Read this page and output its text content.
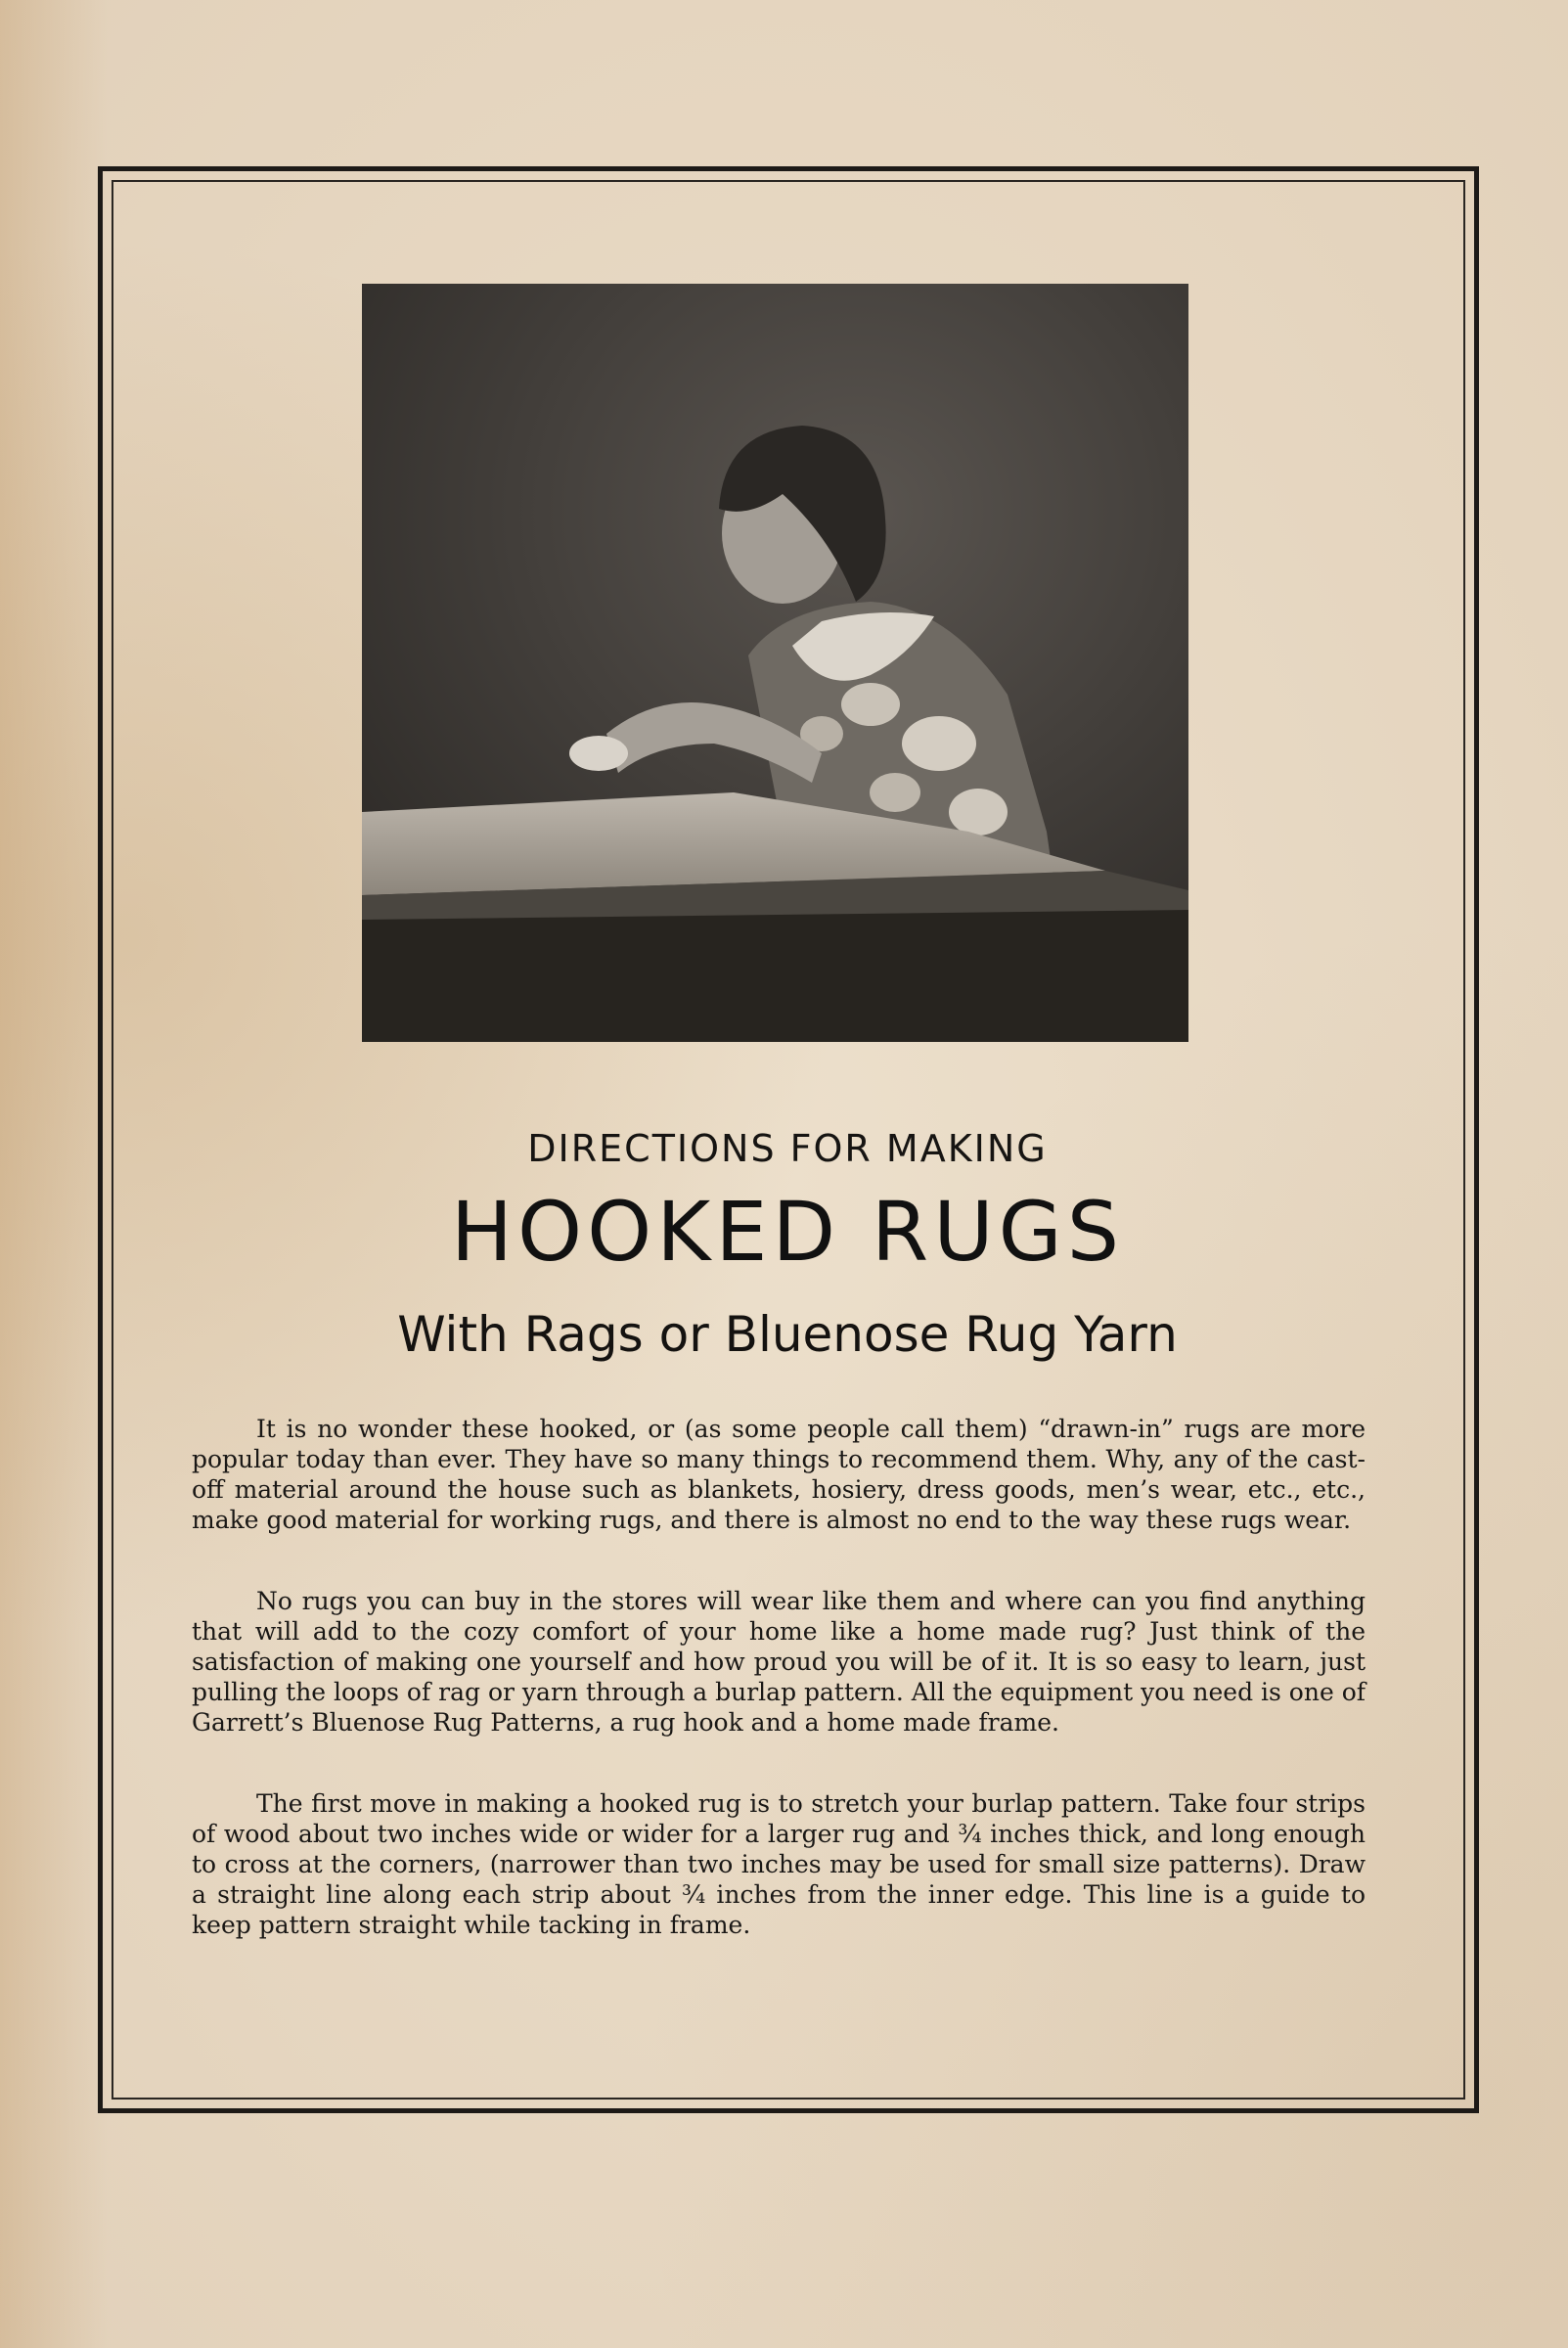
DIRECTIONS FOR MAKING
HOOKED RUGS
With Rags or Bluenose Rug Yarn

It is no wonder these hooked, or (as some people call them) “drawn-in” rugs are more popular today than ever. They have so many things to recommend them. Why, any of the cast-off material around the house such as blankets, hosiery, dress goods, men’s wear, etc., etc., make good material for working rugs, and there is almost no end to the way these rugs wear.

No rugs you can buy in the stores will wear like them and where can you find anything that will add to the cozy comfort of your home like a home made rug? Just think of the satisfaction of making one yourself and how proud you will be of it. It is so easy to learn, just pulling the loops of rag or yarn through a burlap pattern. All the equipment you need is one of Garrett’s Bluenose Rug Patterns, a rug hook and a home made frame.

The first move in making a hooked rug is to stretch your burlap pattern. Take four strips of wood about two inches wide or wider for a larger rug and ¾ inches thick, and long enough to cross at the corners, (narrower than two inches may be used for small size patterns). Draw a straight line along each strip about ¾ inches from the inner edge. This line is a guide to keep pattern straight while tacking in frame.
